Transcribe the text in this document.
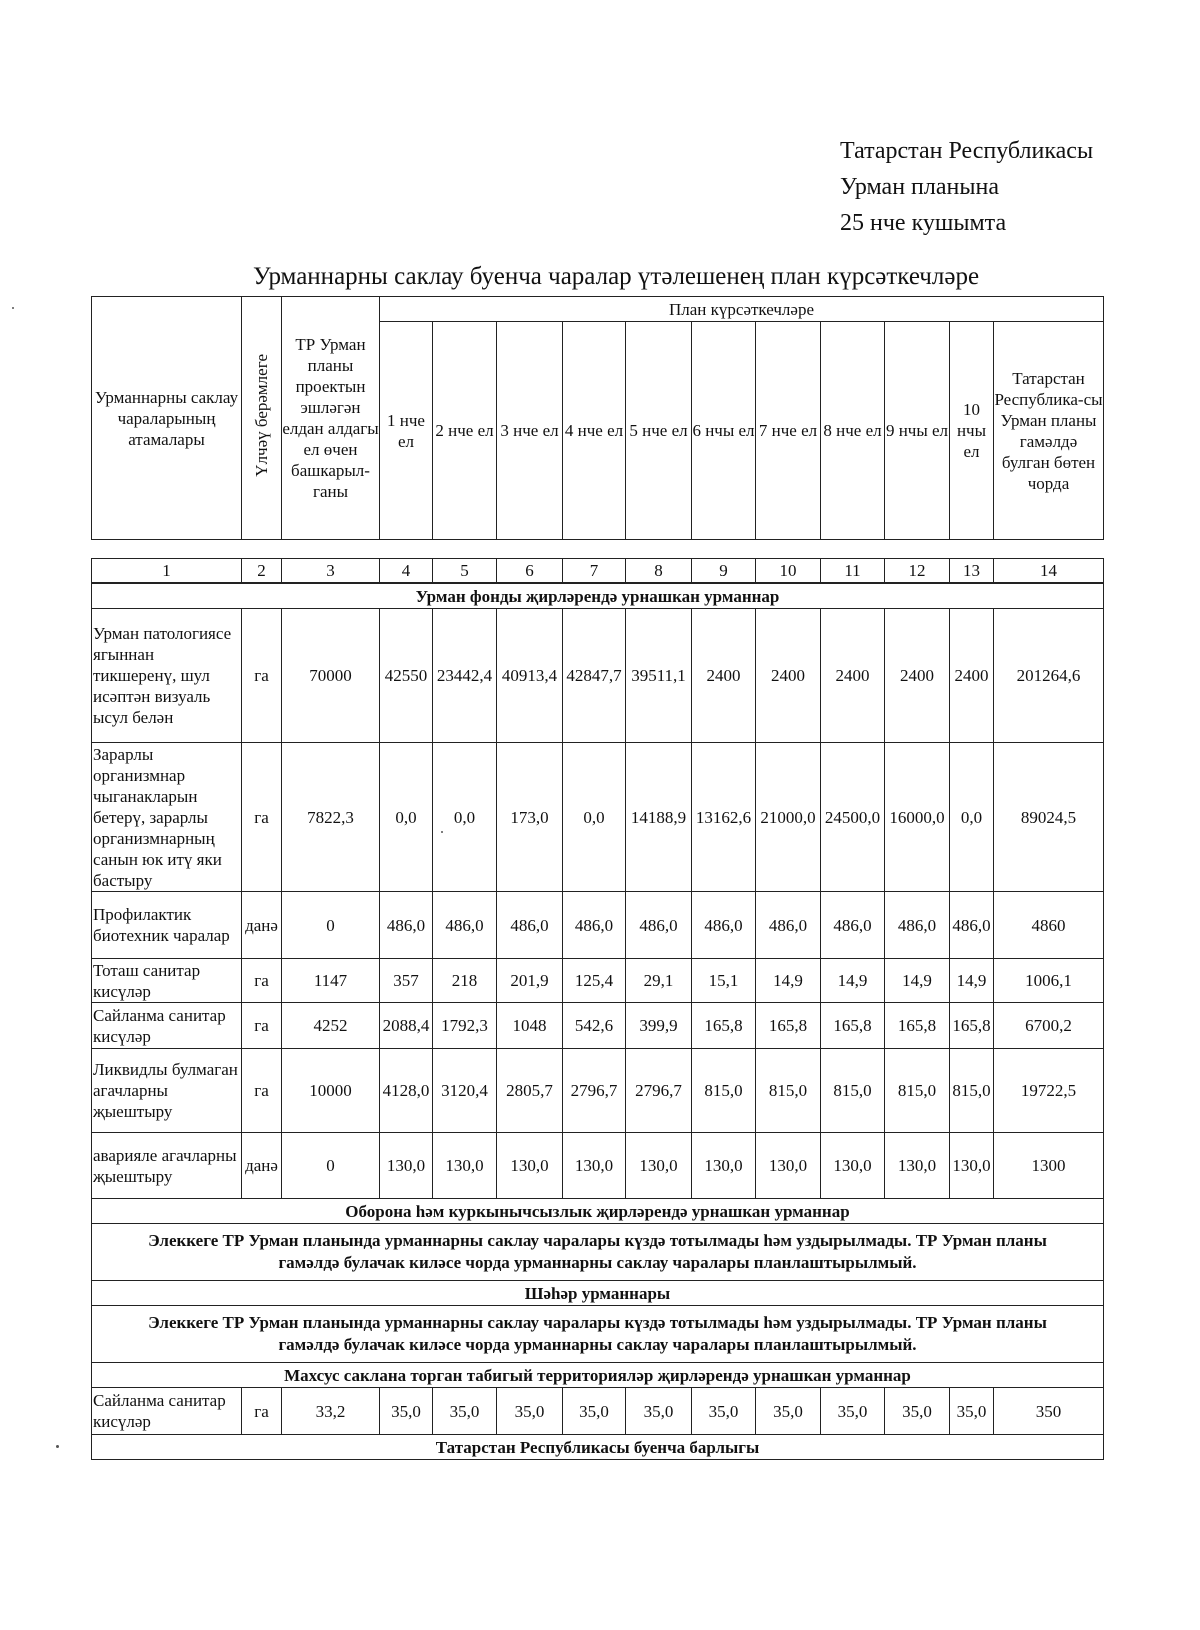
Татарстан Республикасы
Урман планына
25 нче кушымта
Урманнарны саклау буенча чаралар үтәлешенең план күрсәткечләре
Урманнарны саклау чараларының атамалары	Үлчәү берәмлеге	ТР Урман планы проектын эшләгән елдан алдагы ел өчен башкарыл-ганы	План күрсәткечләре										
			1 нче ел	2 нче ел	3 нче ел	4 нче ел	5 нче ел	6 нчы ел	7 нче ел	8 нче ел	9 нчы ел	10 нчы ел	Татарстан Республика-сы Урман планы гамәлдә булган бөтен чорда
1	2	3	4	5	6	7	8	9	10	11	12	13	14
Урман фонды җирләрендә урнашкан урманнар													
Урман патологиясе ягыннан тикшеренү, шул исәптән визуаль ысул белән	га	70000	42550	23442,4	40913,4	42847,7	39511,1	2400	2400	2400	2400	2400	201264,6
Зарарлы организмнар чыганакларын бетерү, зарарлы организмнарның санын юк итү яки бастыру	га	7822,3	0,0	0,0	173,0	0,0	14188,9	13162,6	21000,0	24500,0	16000,0	0,0	89024,5
Профилактик биотехник чаралар	данә	0	486,0	486,0	486,0	486,0	486,0	486,0	486,0	486,0	486,0	486,0	4860
Тоташ санитар кисүләр	га	1147	357	218	201,9	125,4	29,1	15,1	14,9	14,9	14,9	14,9	1006,1
Сайланма санитар кисүләр	га	4252	2088,4	1792,3	1048	542,6	399,9	165,8	165,8	165,8	165,8	165,8	6700,2
Ликвидлы булмаган агачларны җыештыру	га	10000	4128,0	3120,4	2805,7	2796,7	2796,7	815,0	815,0	815,0	815,0	815,0	19722,5
аварияле агачларны җыештыру	данә	0	130,0	130,0	130,0	130,0	130,0	130,0	130,0	130,0	130,0	130,0	1300
Оборона һәм куркынычсызлык җирләрендә урнашкан урманнар													
Элеккеге ТР Урман планында урманнарны саклау чаралары күздә тотылмады һәм уздырылмады. ТР Урман планы гамәлдә булачак киләсе чорда урманнарны саклау чаралары планлаштырылмый.													
Шәһәр урманнары													
Элеккеге ТР Урман планында урманнарны саклау чаралары күздә тотылмады һәм уздырылмады. ТР Урман планы гамәлдә булачак киләсе чорда урманнарны саклау чаралары планлаштырылмый.													
Махсус саклана торган табигый территорияләр җирләрендә урнашкан урманнар													
Сайланма санитар кисүләр	га	33,2	35,0	35,0	35,0	35,0	35,0	35,0	35,0	35,0	35,0	35,0	350
Татарстан Республикасы буенча барлыгы													
